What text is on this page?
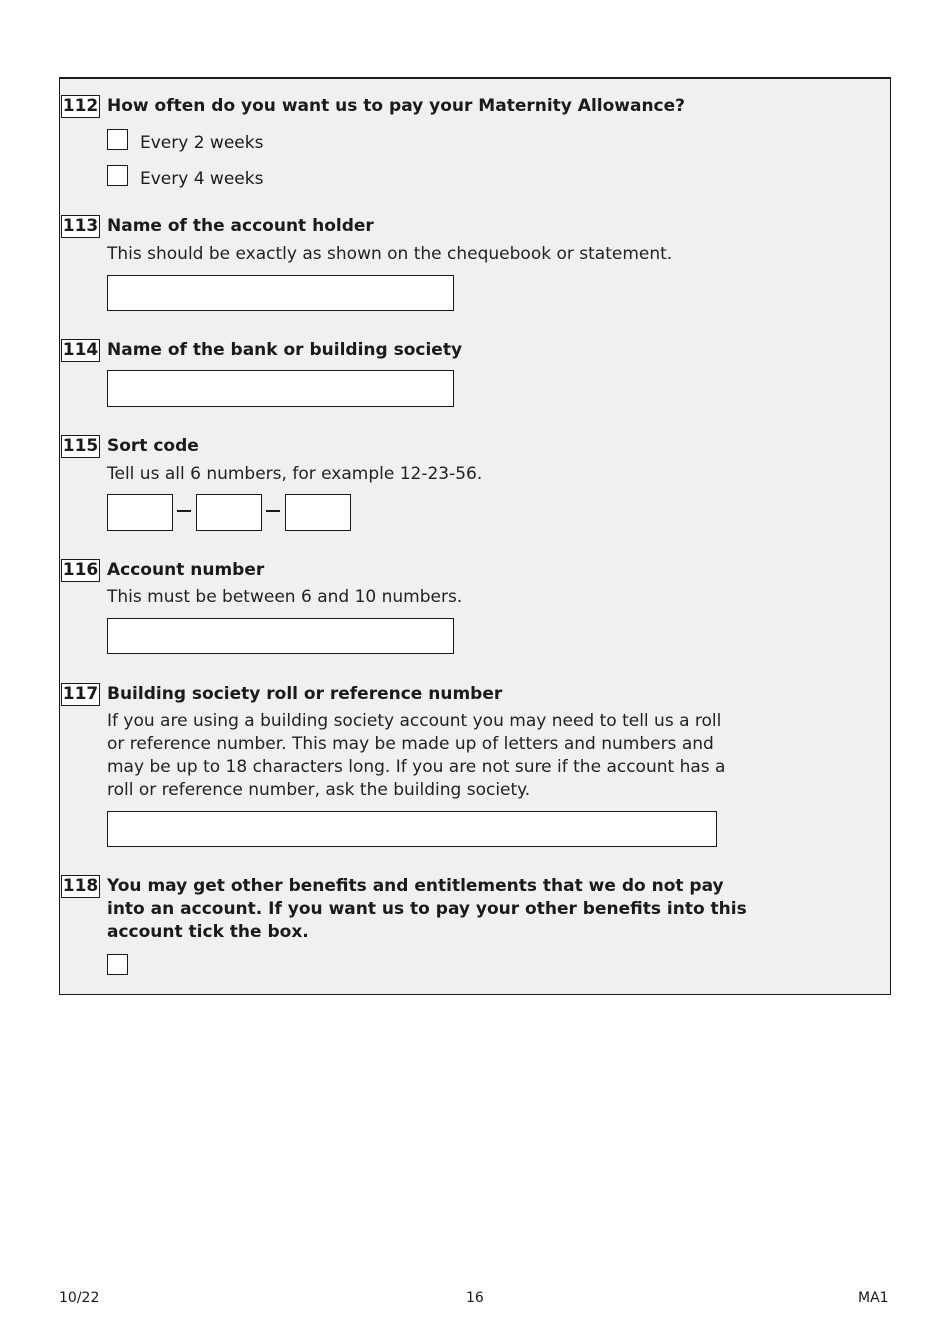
112 How often do you want us to pay your Maternity Allowance?
Every 2 weeks
Every 4 weeks
113 Name of the account holder
This should be exactly as shown on the chequebook or statement.
114 Name of the bank or building society
115 Sort code
Tell us all 6 numbers, for example 12-23-56.
116 Account number
This must be between 6 and 10 numbers.
117 Building society roll or reference number
If you are using a building society account you may need to tell us a roll or reference number. This may be made up of letters and numbers and may be up to 18 characters long. If you are not sure if the account has a roll or reference number, ask the building society.
118 You may get other benefits and entitlements that we do not pay into an account. If you want us to pay your other benefits into this account tick the box.
10/22	16	MA1
